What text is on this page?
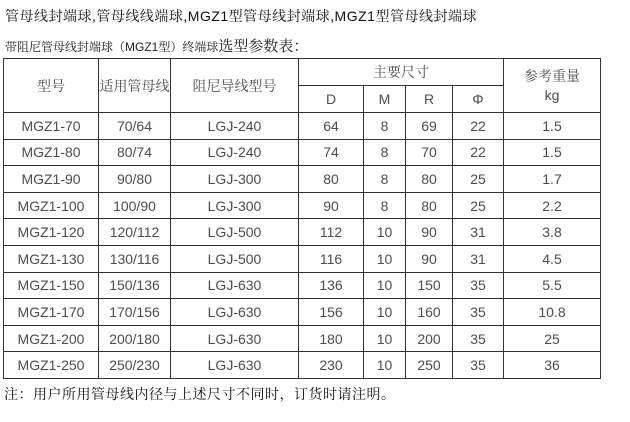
管母线封端球,管母线线端球,MGZ1型管母线封端球,MGZ1型管母线封端球
带阻尼管母线封端球（MGZ1型）终端球选型参数表：
型号	适用管母线	阻尼导线型号	主要尺寸				参考重量
kg

			D	M	R	Φ	
MGZ1-70	70/64	LGJ-240	64	8	69	22	1.5
MGZ1-80	80/74	LGJ-240	74	8	70	22	1.5
MGZ1-90	90/80	LGJ-300	80	8	80	25	1.7
MGZ1-100	100/90	LGJ-300	90	8	80	25	2.2
MGZ1-120	120/112	LGJ-500	112	10	90	31	3.8
MGZ1-130	130/116	LGJ-500	116	10	90	31	4.5
MGZ1-150	150/136	LGJ-630	136	10	150	35	5.5
MGZ1-170	170/156	LGJ-630	156	10	160	35	10.8
MGZ1-200	200/180	LGJ-630	180	10	200	35	25
MGZ1-250	250/230	LGJ-630	230	10	250	35	36
注：用户所用管母线内径与上述尺寸不同时，订货时请注明。
